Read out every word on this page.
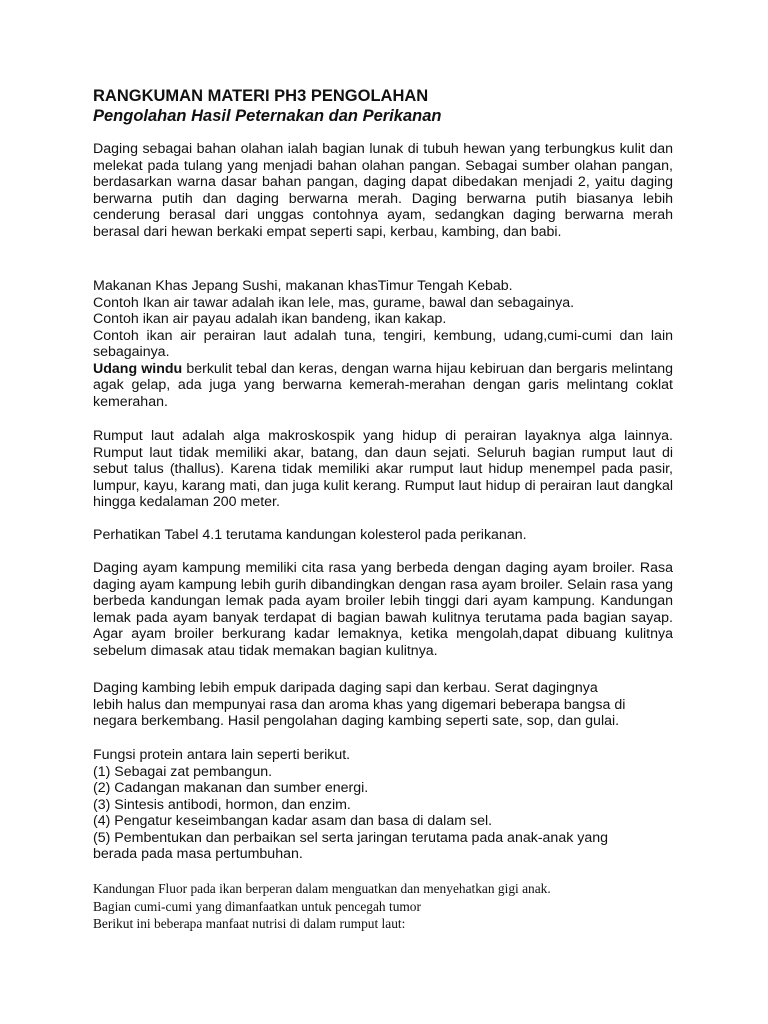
RANGKUMAN MATERI PH3 PENGOLAHAN
Pengolahan Hasil Peternakan dan Perikanan

Daging sebagai bahan olahan ialah bagian lunak di tubuh hewan yang terbungkus kulit dan melekat pada tulang yang menjadi bahan olahan pangan. Sebagai sumber olahan pangan, berdasarkan warna dasar bahan pangan, daging dapat dibedakan menjadi 2, yaitu daging berwarna putih dan daging berwarna merah. Daging berwarna putih biasanya lebih cenderung berasal dari unggas contohnya ayam, sedangkan daging berwarna merah berasal dari hewan berkaki empat seperti sapi, kerbau, kambing, dan babi.

Makanan Khas Jepang Sushi, makanan khasTimur Tengah Kebab.
Contoh Ikan air tawar adalah ikan lele, mas, gurame, bawal dan sebagainya.
Contoh ikan air payau adalah ikan bandeng, ikan kakap.
Contoh ikan air perairan laut adalah tuna, tengiri, kembung, udang,cumi-cumi dan lain sebagainya.
Udang windu berkulit tebal dan keras, dengan warna hijau kebiruan dan bergaris melintang agak gelap, ada juga yang berwarna kemerah-merahan dengan garis melintang coklat kemerahan.

Rumput laut adalah alga makroskospik yang hidup di perairan layaknya alga lainnya. Rumput laut tidak memiliki akar, batang, dan daun sejati. Seluruh bagian rumput laut di sebut talus (thallus). Karena tidak memiliki akar rumput laut hidup menempel pada pasir, lumpur, kayu, karang mati, dan juga kulit kerang. Rumput laut hidup di perairan laut dangkal hingga kedalaman 200 meter.

Perhatikan Tabel 4.1 terutama kandungan kolesterol pada perikanan.

Daging ayam kampung memiliki cita rasa yang berbeda dengan daging ayam broiler. Rasa daging ayam kampung lebih gurih dibandingkan dengan rasa ayam broiler. Selain rasa yang berbeda kandungan lemak pada ayam broiler lebih tinggi dari ayam kampung. Kandungan lemak pada ayam banyak terdapat di bagian bawah kulitnya terutama pada bagian sayap. Agar ayam broiler berkurang kadar lemaknya, ketika mengolah,dapat dibuang kulitnya sebelum dimasak atau tidak memakan bagian kulitnya.

Daging kambing lebih empuk daripada daging sapi dan kerbau. Serat dagingnya
lebih halus dan mempunyai rasa dan aroma khas yang digemari beberapa bangsa di
negara berkembang. Hasil pengolahan daging kambing seperti sate, sop, dan gulai.
Fungsi protein antara lain seperti berikut.
(1) Sebagai zat pembangun.
(2) Cadangan makanan dan sumber energi.
(3) Sintesis antibodi, hormon, dan enzim.
(4) Pengatur keseimbangan kadar asam dan basa di dalam sel.
(5) Pembentukan dan perbaikan sel serta jaringan terutama pada anak-anak yang
berada pada masa pertumbuhan.
Kandungan Fluor pada ikan berperan dalam menguatkan dan menyehatkan gigi anak.
Bagian cumi-cumi yang dimanfaatkan untuk pencegah tumor
Berikut ini beberapa manfaat nutrisi di dalam rumput laut:
